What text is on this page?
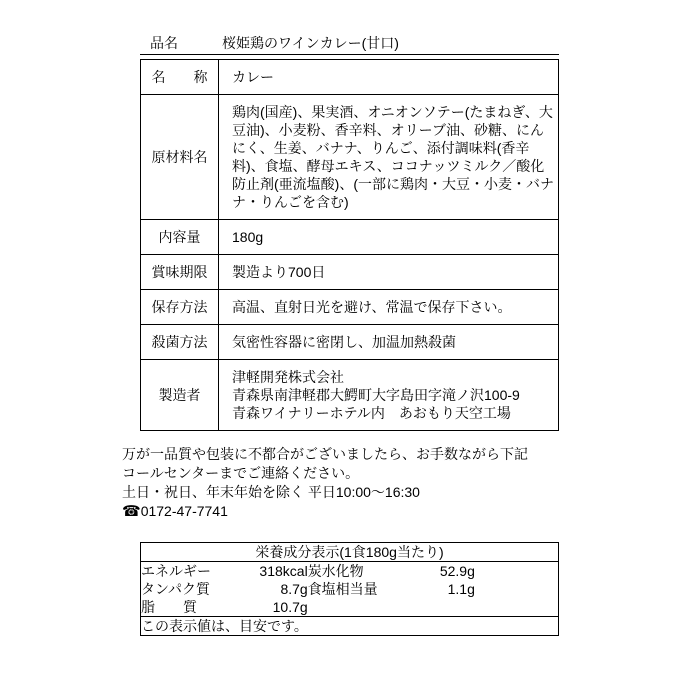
品名	桜姫鶏のワインカレー(甘口)
名　　称	カレー
原材料名	鶏肉(国産)、果実酒、オニオンソテー(たまねぎ、大豆油)、小麦粉、香辛料、オリーブ油、砂糖、にんにく、生姜、バナナ、りんご、添付調味料(香辛料)、食塩、酵母エキス、ココナッツミルク／酸化防止剤(亜流塩酸)、(一部に鶏肉・大豆・小麦・バナナ・りんごを含む)
内容量	180g
賞味期限	製造より700日
保存方法	高温、直射日光を避け、常温で保存下さい。
殺菌方法	気密性容器に密閉し、加温加熱殺菌
製造者	津軽開発株式会社
青森県南津軽郡大鰐町大字島田字滝ノ沢100-9
青森ワイナリーホテル内　あおもり天空工場
万が一品質や包装に不都合がございましたら、お手数ながら下記
コールセンターまでご連絡ください。
土日・祝日、年末年始を除く 平日10:00〜16:30
☎0172-47-7741
栄養成分表示(1食180g当たり)				
エネルギー	318kcal	炭水化物	52.9g	
タンパク質	8.7g	食塩相当量	1.1g	
脂　　質	10.7g			
この表示値は、目安です。				
